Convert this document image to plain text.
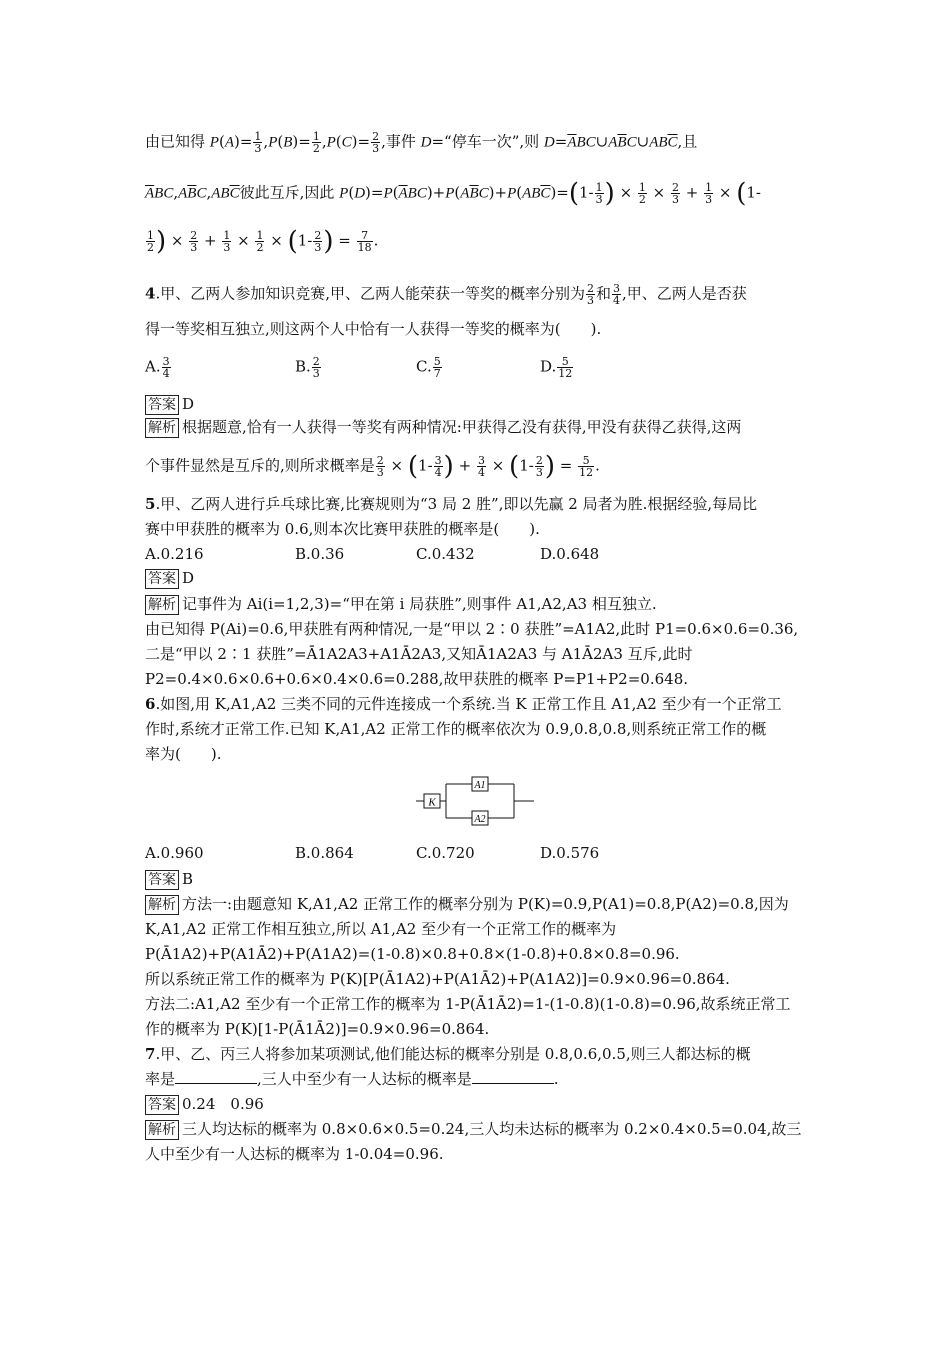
由已知得 $P(A)= \frac{1}{3} ,P(B)= \frac{1}{2} ,P(C)= \frac{2}{3}$ ,事件 D=“停车一次”,则 $D=\overline{A}BC\cup A\overline{B}C\cup AB\overline{C}$,且
$\overline{A}BC,A\overline{B}C,AB\overline{C}$彼此互斥,因此 $P(D)=P(\overline{A}BC)+P(A\overline{B}C)+P(AB\overline{C})=(1- \frac{1}{3}$ ) × $\frac{1}{2} \times \frac{2}{3} + \frac{1}{3} \times (1-$
$\frac{1}{2}$ ) × $\frac{2}{3} + \frac{1}{3} \times \frac{1}{2} \times (1- \frac{2}{3}$ ) = $\frac{7}{18}$ .
4.甲、乙两人参加知识竞赛,甲、乙两人能荣获一等奖的概率分别为 $\frac{2}{3}$ 和 $\frac{3}{4}$ ,甲、乙两人是否获
得一等奖相互独立,则这两个人中恰有一人获得一等奖的概率为(　　).
A. $\frac{3}{4}$	B. $\frac{2}{3}$	C. $\frac{5}{7}$	D. $\frac{5}{12}$
答案 D
解析 根据题意,恰有一人获得一等奖有两种情况:甲获得乙没有获得,甲没有获得乙获得,这两
个事件显然是互斥的,则所求概率是 $\frac{2}{3} \times (1- \frac{3}{4}$ ) + $\frac{3}{4} \times (1- \frac{2}{3}$ ) = $\frac{5}{12}$ .
5.甲、乙两人进行乒乓球比赛,比赛规则为“3 局 2 胜”,即以先赢 2 局者为胜.根据经验,每局比
赛中甲获胜的概率为 0.6,则本次比赛甲获胜的概率是(　　).
A.0.216	B.0.36	C.0.432	D.0.648
答案 D
解析 记事件为 Ai(i=1,2,3)=“甲在第 i 局获胜”,则事件 A1,A2,A3 相互独立.
由已知得 P(Ai)=0.6,甲获胜有两种情况,一是“甲以 2∶0 获胜”=A1A2,此时 P1=0.6×0.6=0.36,
二是“甲以 2∶1 获胜”=Ā1A2A3+A1Ā2A3,又知Ā1A2A3 与 A1Ā2A3 互斥,此时
P2=0.4×0.6×0.6+0.6×0.4×0.6=0.288,故甲获胜的概率 P=P1+P2=0.648.
6.如图,用 K,A1,A2 三类不同的元件连接成一个系统.当 K 正常工作且 A1,A2 至少有一个正常工
作时,系统才正常工作.已知 K,A1,A2 正常工作的概率依次为 0.9,0.8,0.8,则系统正常工作的概
率为(　　).
K
A1
A2
A.0.960	B.0.864	C.0.720	D.0.576
答案 B
解析 方法一:由题意知 K,A1,A2 正常工作的概率分别为 P(K)=0.9,P(A1)=0.8,P(A2)=0.8,因为
K,A1,A2 正常工作相互独立,所以 A1,A2 至少有一个正常工作的概率为
P(Ā1A2)+P(A1Ā2)+P(A1A2)=(1-0.8)×0.8+0.8×(1-0.8)+0.8×0.8=0.96.
所以系统正常工作的概率为 P(K)[P(Ā1A2)+P(A1Ā2)+P(A1A2)]=0.9×0.96=0.864.
方法二:A1,A2 至少有一个正常工作的概率为 1-P(Ā1Ā2)=1-(1-0.8)(1-0.8)=0.96,故系统正常工
作的概率为 P(K)[1-P(Ā1Ā2)]=0.9×0.96=0.864.
7.甲、乙、丙三人将参加某项测试,他们能达标的概率分别是 0.8,0.6,0.5,则三人都达标的概
率是	,三人中至少有一人达标的概率是	.
答案 0.24　0.96
解析 三人均达标的概率为 0.8×0.6×0.5=0.24,三人均未达标的概率为 0.2×0.4×0.5=0.04,故三
人中至少有一人达标的概率为 1-0.04=0.96.
